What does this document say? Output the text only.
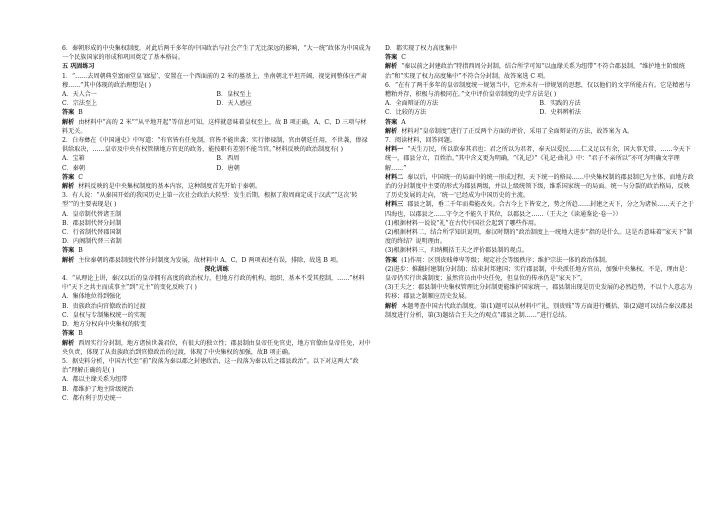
6．秦朝形成的中央集权制度，对此后两千多年的中国政治与社会产生了无比深远的影响，“大一统”政体为中国成为一个民族国家的形成和巩固奠定了基本格局。

五 巩固练习

1．“……去周朝典堂富丽堂皇‘廊屋’，安置在一个西面前的 2 米的墓基上，坐南朝北平坦开阔，视觉间整体庄严肃穆……”其中体现的政治理想是( )

A．天人合一	B．皇权至上
C．宗法至上	D．天人感应

答案 B

解析 由材料中“高的 2 米”“从平地开起”等信息可知，这样就意味着皇权至上，故 B 项正确，A、C、D 三项与材料无关。

2．白寿彝在《中国通史》中写道：“有官皆有任免制，官皆不能世袭；实行俸禄制，官由朝廷任用，不世袭，俸禄供给取决，……皇帝及中央有权管辖地方官吏的政务，能按职有差别不能当官。”材料反映的政治制度有( )

A．宝箱	B．西周
C．秦朝	D．唐朝

答案 C

解析 材料反映的是中央集权制度的基本内容，这种制度首先开始于秦朝。

3．有人说：“从秦国开始的我国历史上第一次社会政治大转型：发生后期，根据了殷周商定成于汉武”“这次‘转型’”的主要表现是( )

A．皇帝制代替诸王制

B．郡县制代替分封制

C．行省制代替郡国制

D．内阁制代替三省制

答案 B

解析 主位秦朝的郡县制度代替分封制度为发展，故材料中 A、C、D 两项表述有误，排除，故选 B 项。

深化训练

4．“从理论上讲，秦汉以后的皇帝拥有高度的政治权力，但地方行政的机构、组织，基本不受其控制，……”材料中“天下之共主而成事主”到“元主”的变化反映了( )

A．集体地位得到强化

B．贵族政治向官僚政治的过渡

C．皇权与专制集权统一的实现

D．地方分权向中央集权的转变

答案 B

解析 西周实行分封制，地方诸侯世袭君位，有很大的独立性；郡县制由皇帝任免官吏，地方官僚由皇帝任免，对中央负责，体现了从贵族政治到官僚政治的过渡，体现了中央集权的加强，故B 项正确。

5．据史料分析，中国古代至“前”段落为秦以郡之封建政治，这一段落为秦以后之郡县政治”。以下对这两大“政治”理解正确的是( )

A．都以主缘关系为纽带

B．都维护了地主阶级统治

C．都有利于历史统一

D．都实现了权力高度集中

答案 C

解析 “秦以前之封建政治”特指西周分封制，结合所学可知“以血缘关系为纽带”不符合郡县制，“维护地主阶级统治”和“实现了权力高度集中”不符合分封制，故答案选 C 项。

6．“在有了两千多年的皇帝制度统一规划当中，它并未有一律规划的思想，仅以他们的文字所能占有。它是精密与糟粕并存，积极与消极同在。”文中评价皇帝制度的史学方法是( )

A．全面辩证的方法	B．实践的方法
C．比较的方法	D．史料辨析法

答案 A

解析 材料对“皇帝制度”进行了正反两个方面的评价，采用了全面辩证的方法，故答案为 A。

7．阅读材料，回答问题。

材料一 “天生万民，所以欲奉其君也；君之所以为君者，奉天以爱民……仁义足以有余，国大事无常，……今天下统一，郡县分立，百姓治。”其中含义更为明确，“《礼记》”《礼记·曲礼》中：“君子不亲所以”亦可为明确文字理解……”

材料二 秦以后，中国统一的局面中的统一形成过程，天下统一的格局……中央集权制的郡县制已为主体，而地方政治的分封制度中主要的形式为郡县两级，并以上级统领下级，维系国家统一的局面。统一与分裂的政治格局，反映了历史发展的走向，‘统一’已经成为中国历史的主流。

材料三 郡县之制，垂二千年而弗能改矣。合古今上下皆安之，势之所趋……封建之天下，分之为诸侯……天子之于四海也，以郡县之……守令之不能久于其位，以郡县之……（王夫之《读通鉴论·卷一》）

(1)根据材料一说说“礼”在古代中国社会起到了哪些作用。

(2)根据材料二，结合所学知识说明，秦汉时期的“政治制度上一统地大进步”指的是什么。这是否意味着“家天下”制度的终结？说明理由。

(3)根据材料三，归纳概括王夫之评价郡县制的观点。

答案 (1)作用：区别贵贱尊卑等级；规定社会等级秩序；维护宗法一体的政治体制。

(2)进步：推翻封建制(分封制)；结束封邦建国；实行郡县制，中央派任地方官员，加强中央集权。不是，理由是：皇帝仍实行世袭制度；虽然官员由中央任免，但皇位的传承仍是“家天下”。

(3)王夫之：郡县制中央集权管理比分封制更能维护国家统一，郡县制出现是历史发展的必然趋势，不以个人意志为转移；郡县之制顺应历史发展。

解析 本题考查中国古代政治制度。第(1)题可以从材料中“礼，别贵贱”等方面进行概括，第(2)题可以结合秦汉郡县制度进行分析，第(3)题结合王夫之的观点“郡县之制……”进行总结。
